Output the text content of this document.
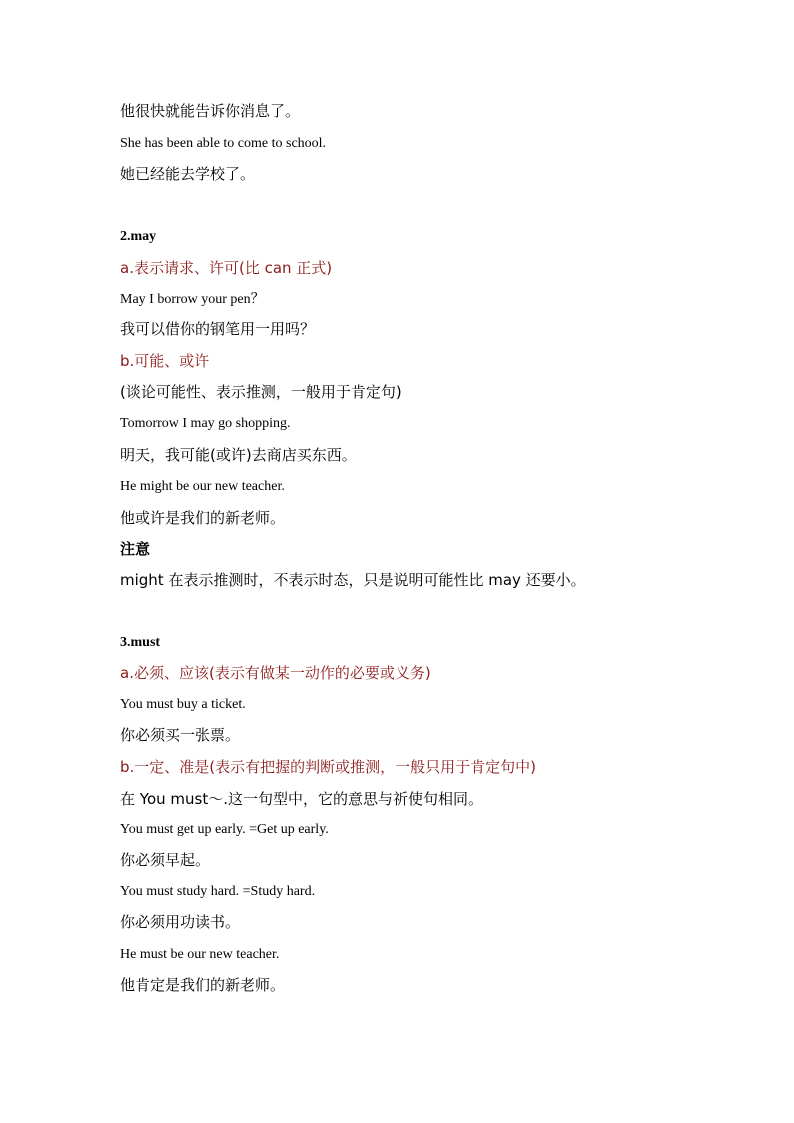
他很快就能告诉你消息了。
She has been able to come to school.
她已经能去学校了。
2.may
a.表示请求、许可(比 can 正式)
May I borrow your pen？
我可以借你的钢笔用一用吗？
b.可能、或许
(谈论可能性、表示推测，一般用于肯定句)
Tomorrow I may go shopping.
明天，我可能(或许)去商店买东西。
He might be our new teacher.
他或许是我们的新老师。
注意
might 在表示推测时，不表示时态，只是说明可能性比 may 还要小。
3.must
a.必须、应该(表示有做某一动作的必要或义务)
You must buy a ticket.
你必须买一张票。
b.一定、准是(表示有把握的判断或推测，一般只用于肯定句中)
在 You must～.这一句型中，它的意思与祈使句相同。
You must get up early. =Get up early.
你必须早起。
You must study hard. =Study hard.
你必须用功读书。
He must be our new teacher.
他肯定是我们的新老师。
